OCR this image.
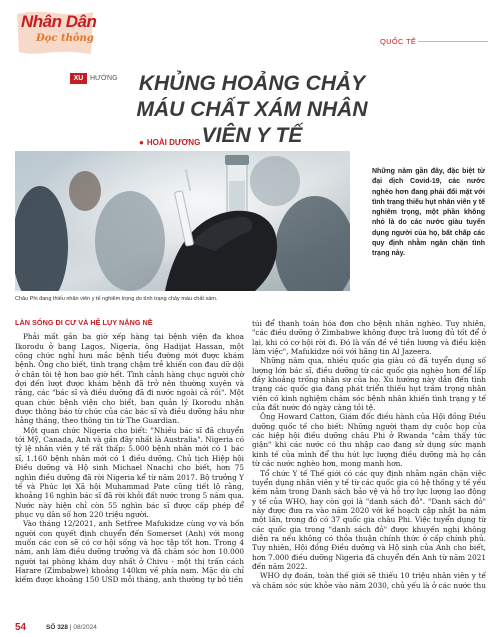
Nhân Dân
Đọc thông	QUỐC TẾ
XU HƯỚNG	KHỦNG HOẢNG CHẢY MÁU CHẤT XÁM NHÂN VIÊN Y TẾ
● HOÀI DƯƠNG
Châu Phi đang thiếu nhân viên y tế nghiêm trọng do tình trạng chảy máu chất xám.
Những năm gần đây, đặc biệt từ đại dịch Covid-19, các nước nghèo hơn đang phải đối mặt với tình trạng thiếu hụt nhân viên y tế nghiêm trọng, một phần không nhỏ là do các nước giàu tuyển dụng người của họ, bất chấp các quy định nhằm ngăn chặn tình trạng này.
LÀN SÓNG DI CƯ VÀ HỆ LỤY NẶNG NỀ

Phải mất gần ba giờ xếp hàng tại bệnh viện đa khoa Ikorodu ở bang Lagos, Nigeria, ông Hadijat Hassan, một công chức nghỉ hưu mắc bệnh tiểu đường mới được khám bệnh. Ông cho biết, tình trạng chậm trễ khiến con đau dữ dội ở chân tôi tệ hơn bao giờ hết. Tình cảnh hàng chục người chờ đợi đến lượt được khám bệnh đã trở nên thường xuyên và rằng, các "bác sĩ và điều dưỡng đã đi nước ngoài cả rồi". Một quan chức bệnh viện cho biết, ban quản lý Ikorodu nhận được thông báo từ chức của các bác sĩ và điều dưỡng hầu như hằng tháng, theo thông tin từ The Guardian.

Một quan chức Nigeria cho biết: "Nhiều bác sĩ đã chuyển tới Mỹ, Canada, Anh và gần đây nhất là Australia". Nigeria có tỷ lệ nhân viên y tế rất thấp: 5.000 bệnh nhân mới có 1 bác sĩ, 1.160 bệnh nhân mới có 1 điều dưỡng. Chủ tịch Hiệp hội Điều dưỡng và Hộ sinh Michael Nnachi cho biết, hơn 75 nghìn điều dưỡng đã rời Nigeria kể từ năm 2017. Bộ trưởng Y tế và Phúc lợi Xã hội Muhammad Pate cũng tiết lộ rằng, khoảng 16 nghìn bác sĩ đã rời khỏi đất nước trong 5 năm qua. Nước này hiện chỉ còn 55 nghìn bác sĩ được cấp phép để phục vụ dân số hơn 220 triệu người.

Vào tháng 12/2021, anh Setfree Mafukidze cùng vợ và bốn người con quyết định chuyển đến Somerset (Anh) với mong muốn các con sẽ có cơ hội sống và học tập tốt hơn. Trong 4 năm, anh làm điều dưỡng trưởng và đã chăm sóc hơn 10.000 người tại phòng khám duy nhất ở Chivu - một thị trấn cách Harare (Zimbabwe) khoảng 140km về phía nam. Mặc dù chỉ kiếm được khoảng 150 USD mỗi tháng, anh thường tự bỏ tiền

túi để thanh toán hóa đơn cho bệnh nhân nghèo. Tuy nhiên, "các điều dưỡng ở Zimbabwe không được trả lương đủ tốt để ở lại, khi có cơ hội rời đi. Đó là vấn đề về tiền lương và điều kiện làm việc", Mafukidze nói với hãng tin Al Jazeera.

Những năm qua, nhiều quốc gia giàu có đã tuyển dụng số lượng lớn bác sĩ, điều dưỡng từ các quốc gia nghèo hơn để lấp đầy khoảng trống nhân sự của họ. Xu hướng này dẫn đến tình trạng các quốc gia đang phát triển thiếu hụt trầm trọng nhân viên có kinh nghiệm chăm sóc bệnh nhân khiến tình trạng y tế của đất nước đó ngày càng tồi tệ.

Ông Howard Catton, Giám đốc điều hành của Hội đồng Điều dưỡng quốc tế cho biết: Những người thạm dự cuộc họp của các hiệp hội điều dưỡng châu Phi ở Rwanda "cảm thấy tức giận" khi các nước có thu nhập cao đang sử dụng sức mạnh kinh tế của mình để thu hút lực lượng điều dưỡng mà họ cần từ các nước nghèo hơn, mong manh hơn.

Tổ chức Y tế Thế giới có các quy định nhằm ngăn chặn việc tuyển dụng nhân viên y tế từ các quốc gia có hệ thống y tế yếu kém nằm trong Danh sách bảo vệ và hỗ trợ lực lượng lao động y tế của WHO, hay còn gọi là "danh sách đỏ". "Danh sách đỏ" này được đưa ra vào năm 2020 với kế hoạch cập nhật ba năm một lần, trong đó có 37 quốc gia châu Phi. Việc tuyển dụng từ các quốc gia trong "danh sách đỏ" được khuyến nghị không diễn ra nếu không có thỏa thuận chính thức ở cấp chính phủ. Tuy nhiên, Hội đồng Điều dưỡng và Hộ sinh của Anh cho biết, hơn 7.000 điều dưỡng Nigeria đã chuyển đến Anh từ năm 2021 đến năm 2022.

WHO dự đoán, toàn thế giới sẽ thiếu 10 triệu nhân viên y tế và chăm sóc sức khỏe vào năm 2030, chủ yếu là ở các nước thu

54	SỐ 328 | 08/2024
